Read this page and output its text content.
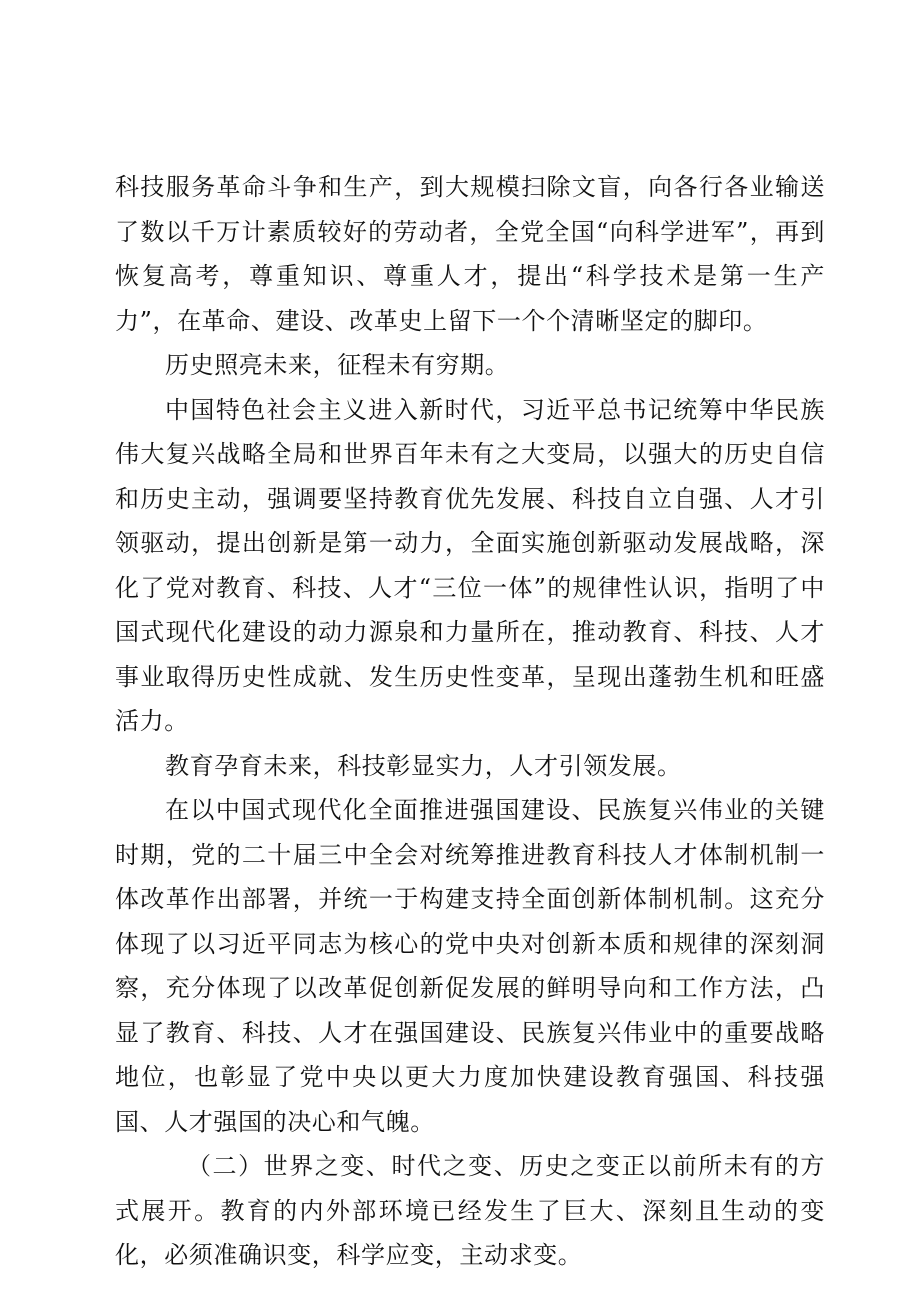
科技服务革命斗争和生产，到大规模扫除文盲，向各行各业输送了数以千万计素质较好的劳动者，全党全国“向科学进军”，再到恢复高考，尊重知识、尊重人才，提出“科学技术是第一生产力”，在革命、建设、改革史上留下一个个清晰坚定的脚印。

历史照亮未来，征程未有穷期。

中国特色社会主义进入新时代，习近平总书记统筹中华民族伟大复兴战略全局和世界百年未有之大变局，以强大的历史自信和历史主动，强调要坚持教育优先发展、科技自立自强、人才引领驱动，提出创新是第一动力，全面实施创新驱动发展战略，深化了党对教育、科技、人才“三位一体”的规律性认识，指明了中国式现代化建设的动力源泉和力量所在，推动教育、科技、人才事业取得历史性成就、发生历史性变革，呈现出蓬勃生机和旺盛活力。

教育孕育未来，科技彰显实力，人才引领发展。

在以中国式现代化全面推进强国建设、民族复兴伟业的关键时期，党的二十届三中全会对统筹推进教育科技人才体制机制一体改革作出部署，并统一于构建支持全面创新体制机制。这充分体现了以习近平同志为核心的党中央对创新本质和规律的深刻洞察，充分体现了以改革促创新促发展的鲜明导向和工作方法，凸显了教育、科技、人才在强国建设、民族复兴伟业中的重要战略地位，也彰显了党中央以更大力度加快建设教育强国、科技强国、人才强国的决心和气魄。

（二）世界之变、时代之变、历史之变正以前所未有的方式展开。教育的内外部环境已经发生了巨大、深刻且生动的变化，必须准确识变，科学应变，主动求变。
